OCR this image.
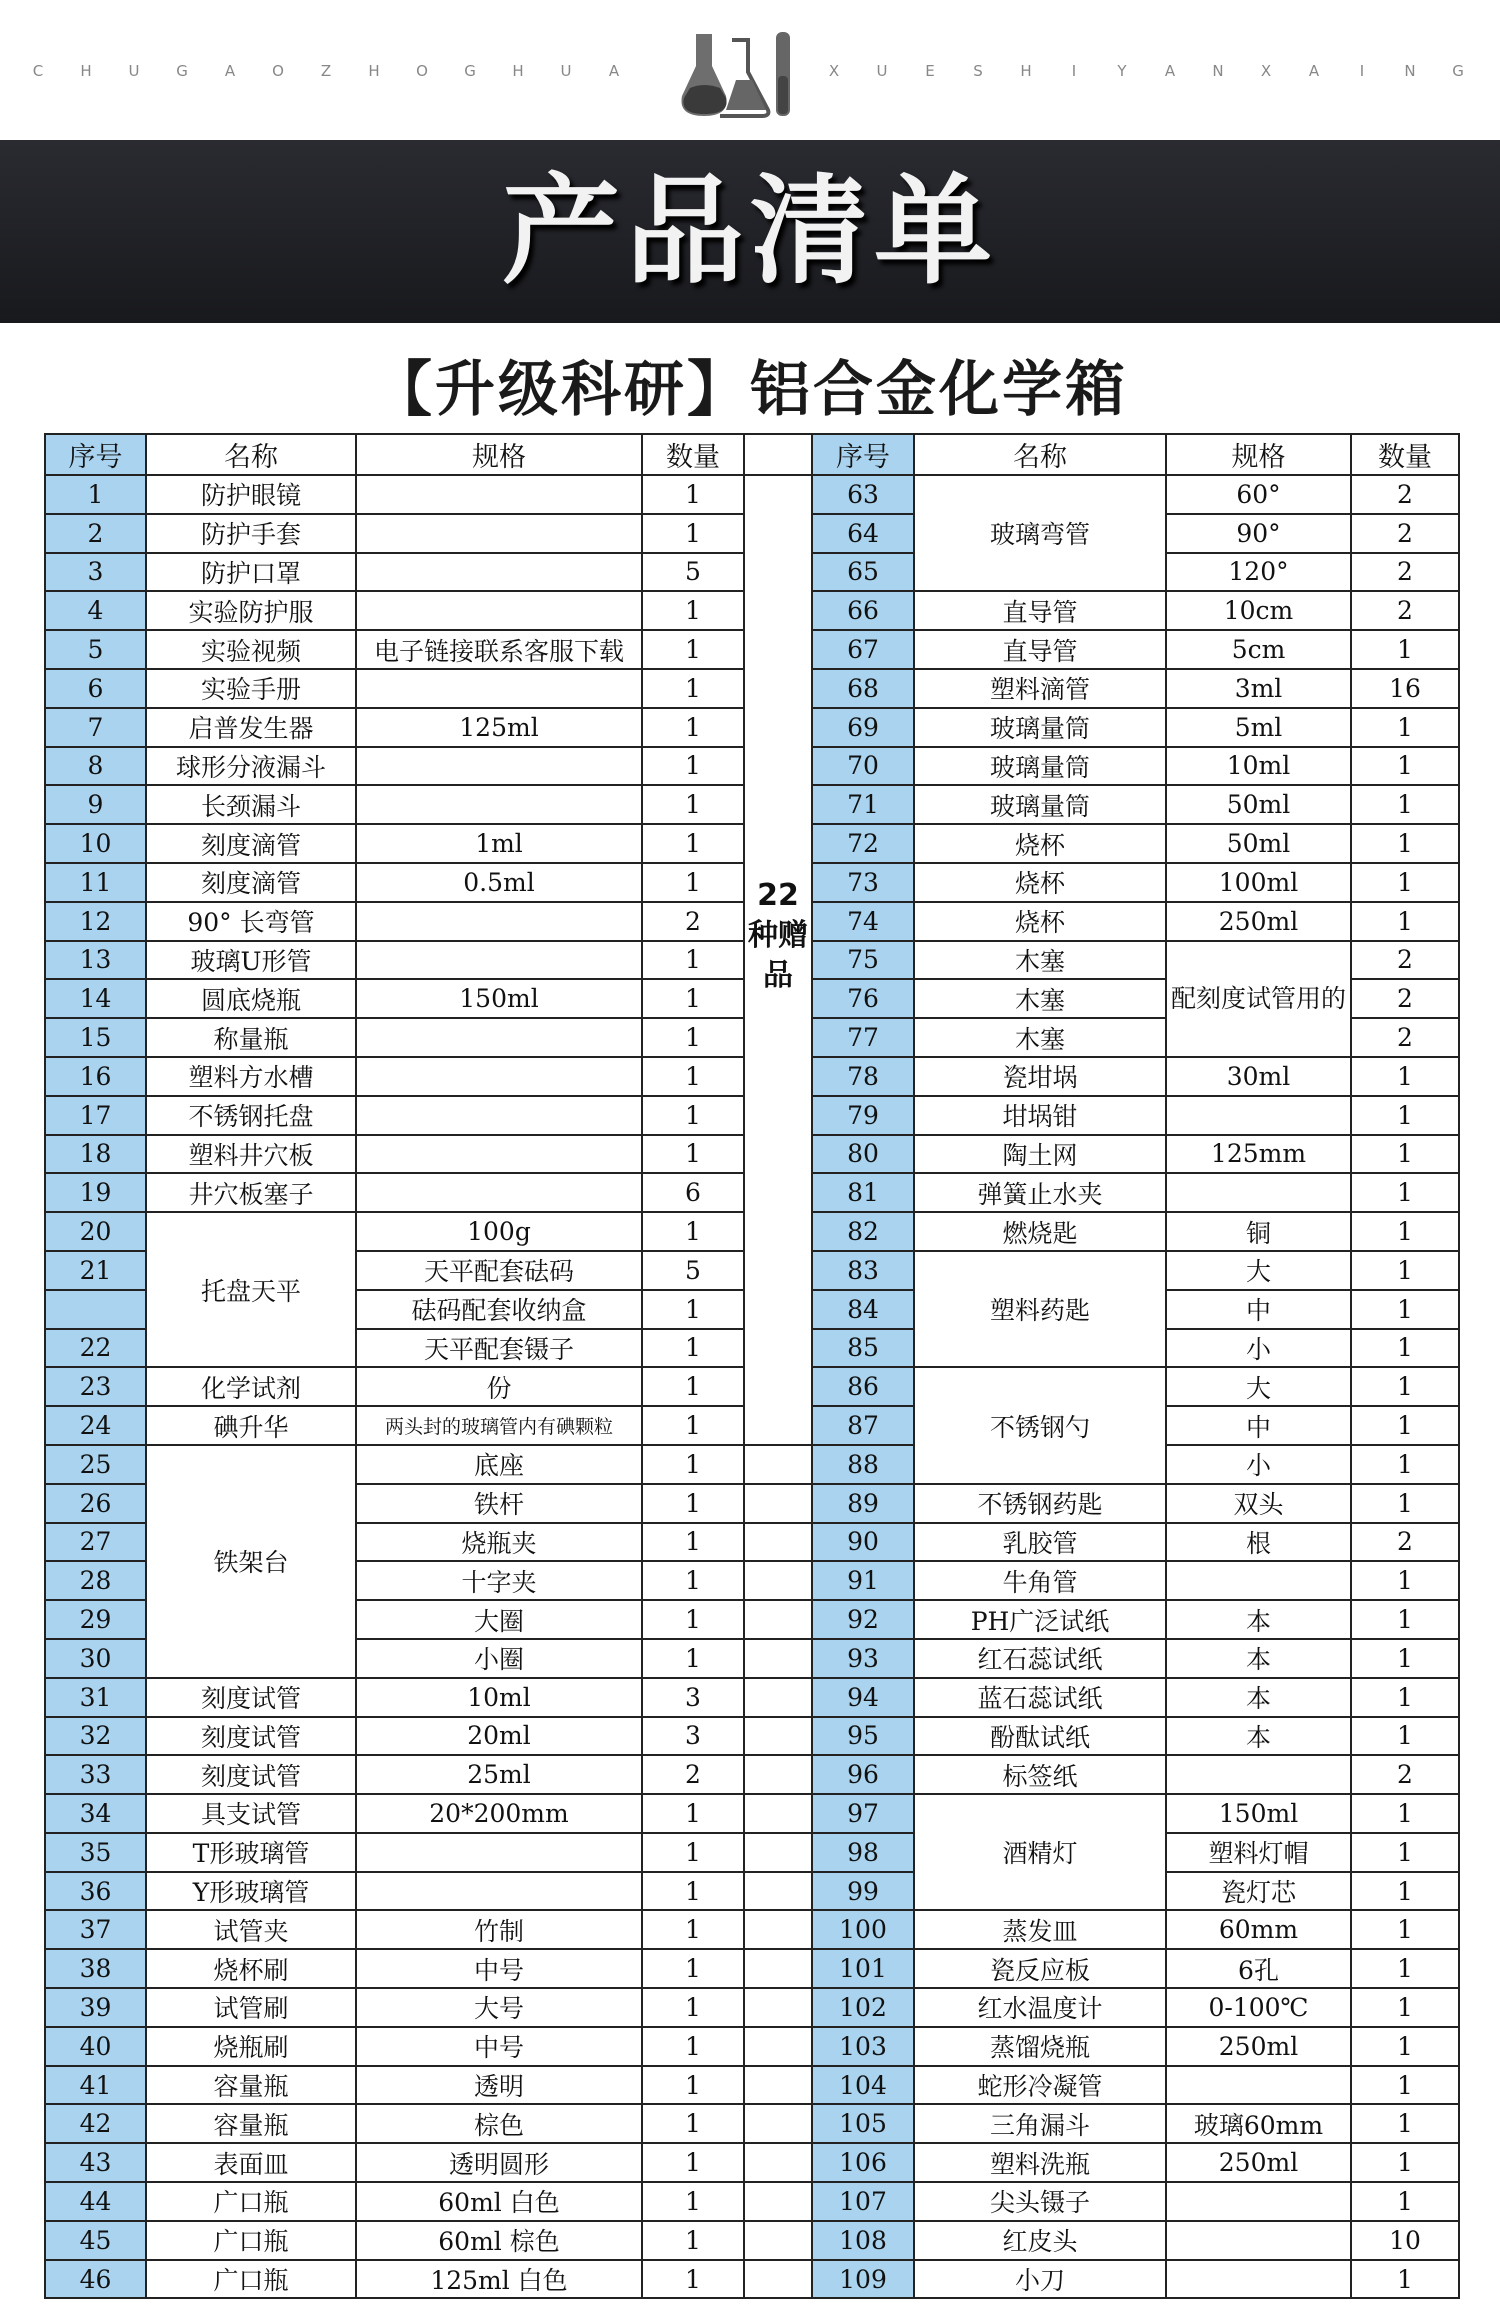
C H U G A O Z H O G H U A	X U	E	S	H	I	Y	A N X	A	I	N G
产品清单
【升级科研】铝合金化学箱
序号	名称	规格	数量		序号	名称	规格	数量
1	防护眼镜		1	22种赠品	63	玻璃弯管	60°	2
2	防护手套		1		64		90°	2
3	防护口罩		5		65		120°	2
4	实验防护服		1		66	直导管	10cm	2
5	实验视频	电子链接联系客服下载	1		67	直导管	5cm	1
6	实验手册		1		68	塑料滴管	3ml	16
7	启普发生器	125ml	1		69	玻璃量筒	5ml	1
8	球形分液漏斗		1		70	玻璃量筒	10ml	1
9	长颈漏斗		1		71	玻璃量筒	50ml	1
10	刻度滴管	1ml	1		72	烧杯	50ml	1
11	刻度滴管	0.5ml	1		73	烧杯	100ml	1
12	90° 长弯管		2		74	烧杯	250ml	1
13	玻璃U形管		1		75	木塞	配刻度试管用的	2
14	圆底烧瓶	150ml	1		76	木塞		2
15	称量瓶		1		77	木塞		2
16	塑料方水槽		1		78	瓷坩埚	30ml	1
17	不锈钢托盘		1		79	坩埚钳		1
18	塑料井穴板		1		80	陶土网	125mm	1
19	井穴板塞子		6		81	弹簧止水夹		1
20	托盘天平	100g	1		82	燃烧匙	铜	1
21		天平配套砝码	5		83	塑料药匙	大	1
		砝码配套收纳盒	1		84		中	1
22		天平配套镊子	1		85		小	1
23	化学试剂	份	1		86	不锈钢勺	大	1
24	碘升华	两头封的玻璃管内有碘颗粒	1		87		中	1
25	铁架台	底座	1		88		小	1
26		铁杆	1		89	不锈钢药匙	双头	1
27		烧瓶夹	1		90	乳胶管	根	2
28		十字夹	1		91	牛角管		1
29		大圈	1		92	PH广泛试纸	本	1
30		小圈	1		93	红石蕊试纸	本	1
31	刻度试管	10ml	3		94	蓝石蕊试纸	本	1
32	刻度试管	20ml	3		95	酚酞试纸	本	1
33	刻度试管	25ml	2		96	标签纸		2
34	具支试管	20*200mm	1		97	酒精灯	150ml	1
35	T形玻璃管		1		98		塑料灯帽	1
36	Y形玻璃管		1		99		瓷灯芯	1
37	试管夹	竹制	1		100	蒸发皿	60mm	1
38	烧杯刷	中号	1		101	瓷反应板	6孔	1
39	试管刷	大号	1		102	红水温度计	0-100℃	1
40	烧瓶刷	中号	1		103	蒸馏烧瓶	250ml	1
41	容量瓶	透明	1		104	蛇形冷凝管		1
42	容量瓶	棕色	1		105	三角漏斗	玻璃60mm	1
43	表面皿	透明圆形	1		106	塑料洗瓶	250ml	1
44	广口瓶	60ml 白色	1		107	尖头镊子		1
45	广口瓶	60ml 棕色	1		108	红皮头		10
46	广口瓶	125ml 白色	1		109	小刀		1
